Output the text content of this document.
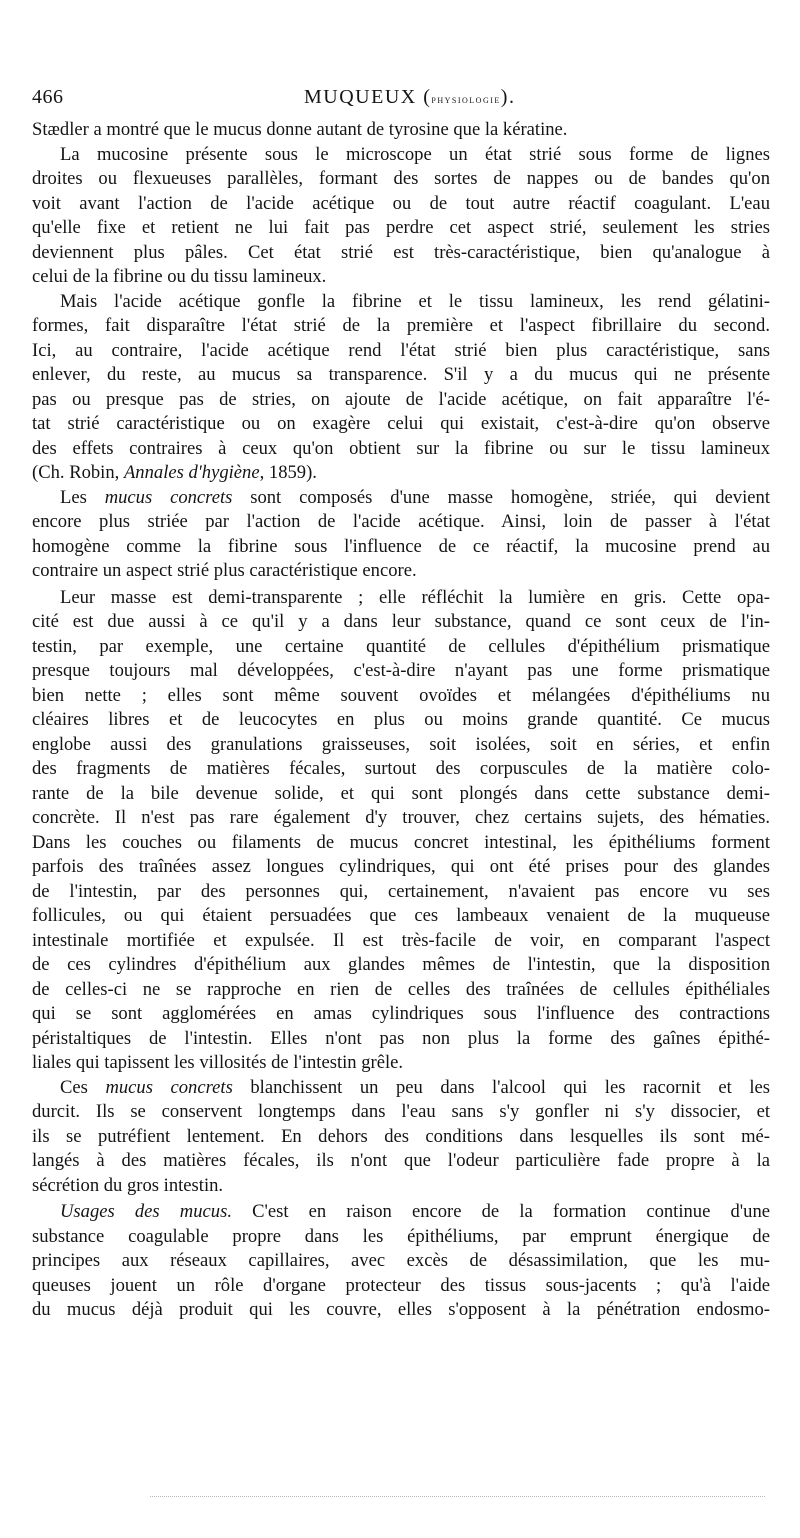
466	MUQUEUX (physiologie).
Stædler a montré que le mucus donne autant de tyrosine que la kératine.
La mucosine présente sous le microscope un état strié sous forme de lignes
droites ou flexueuses parallèles, formant des sortes de nappes ou de bandes qu'on
voit avant l'action de l'acide acétique ou de tout autre réactif coagulant. L'eau
qu'elle fixe et retient ne lui fait pas perdre cet aspect strié, seulement les stries
deviennent plus pâles. Cet état strié est très-caractéristique, bien qu'analogue à
celui de la fibrine ou du tissu lamineux.
Mais l'acide acétique gonfle la fibrine et le tissu lamineux, les rend gélatini-
formes, fait disparaître l'état strié de la première et l'aspect fibrillaire du second.
Ici, au contraire, l'acide acétique rend l'état strié bien plus caractéristique, sans
enlever, du reste, au mucus sa transparence. S'il y a du mucus qui ne présente
pas ou presque pas de stries, on ajoute de l'acide acétique, on fait apparaître l'é-
tat strié caractéristique ou on exagère celui qui existait, c'est-à-dire qu'on observe
des effets contraires à ceux qu'on obtient sur la fibrine ou sur le tissu lamineux
(Ch. Robin, Annales d'hygiène, 1859).
Les mucus concrets sont composés d'une masse homogène, striée, qui devient
encore plus striée par l'action de l'acide acétique. Ainsi, loin de passer à l'état
homogène comme la fibrine sous l'influence de ce réactif, la mucosine prend au
contraire un aspect strié plus caractéristique encore.
Leur masse est demi-transparente ; elle réfléchit la lumière en gris. Cette opa-
cité est due aussi à ce qu'il y a dans leur substance, quand ce sont ceux de l'in-
testin, par exemple, une certaine quantité de cellules d'épithélium prismatique
presque toujours mal développées, c'est-à-dire n'ayant pas une forme prismatique
bien nette ; elles sont même souvent ovoïdes et mélangées d'épithéliums nu
cléaires libres et de leucocytes en plus ou moins grande quantité. Ce mucus
englobe aussi des granulations graisseuses, soit isolées, soit en séries, et enfin
des fragments de matières fécales, surtout des corpuscules de la matière colo-
rante de la bile devenue solide, et qui sont plongés dans cette substance demi-
concrète. Il n'est pas rare également d'y trouver, chez certains sujets, des hématies.
Dans les couches ou filaments de mucus concret intestinal, les épithéliums forment
parfois des traînées assez longues cylindriques, qui ont été prises pour des glandes
de l'intestin, par des personnes qui, certainement, n'avaient pas encore vu ses
follicules, ou qui étaient persuadées que ces lambeaux venaient de la muqueuse
intestinale mortifiée et expulsée. Il est très-facile de voir, en comparant l'aspect
de ces cylindres d'épithélium aux glandes mêmes de l'intestin, que la disposition
de celles-ci ne se rapproche en rien de celles des traînées de cellules épithéliales
qui se sont agglomérées en amas cylindriques sous l'influence des contractions
péristaltiques de l'intestin. Elles n'ont pas non plus la forme des gaînes épithé-
liales qui tapissent les villosités de l'intestin grêle.
Ces mucus concrets blanchissent un peu dans l'alcool qui les racornit et les
durcit. Ils se conservent longtemps dans l'eau sans s'y gonfler ni s'y dissocier, et
ils se putréfient lentement. En dehors des conditions dans lesquelles ils sont mé-
langés à des matières fécales, ils n'ont que l'odeur particulière fade propre à la
sécrétion du gros intestin.
Usages des mucus. C'est en raison encore de la formation continue d'une
substance coagulable propre dans les épithéliums, par emprunt énergique de
principes aux réseaux capillaires, avec excès de désassimilation, que les mu-
queuses jouent un rôle d'organe protecteur des tissus sous-jacents ; qu'à l'aide
du mucus déjà produit qui les couvre, elles s'opposent à la pénétration endosmo-
